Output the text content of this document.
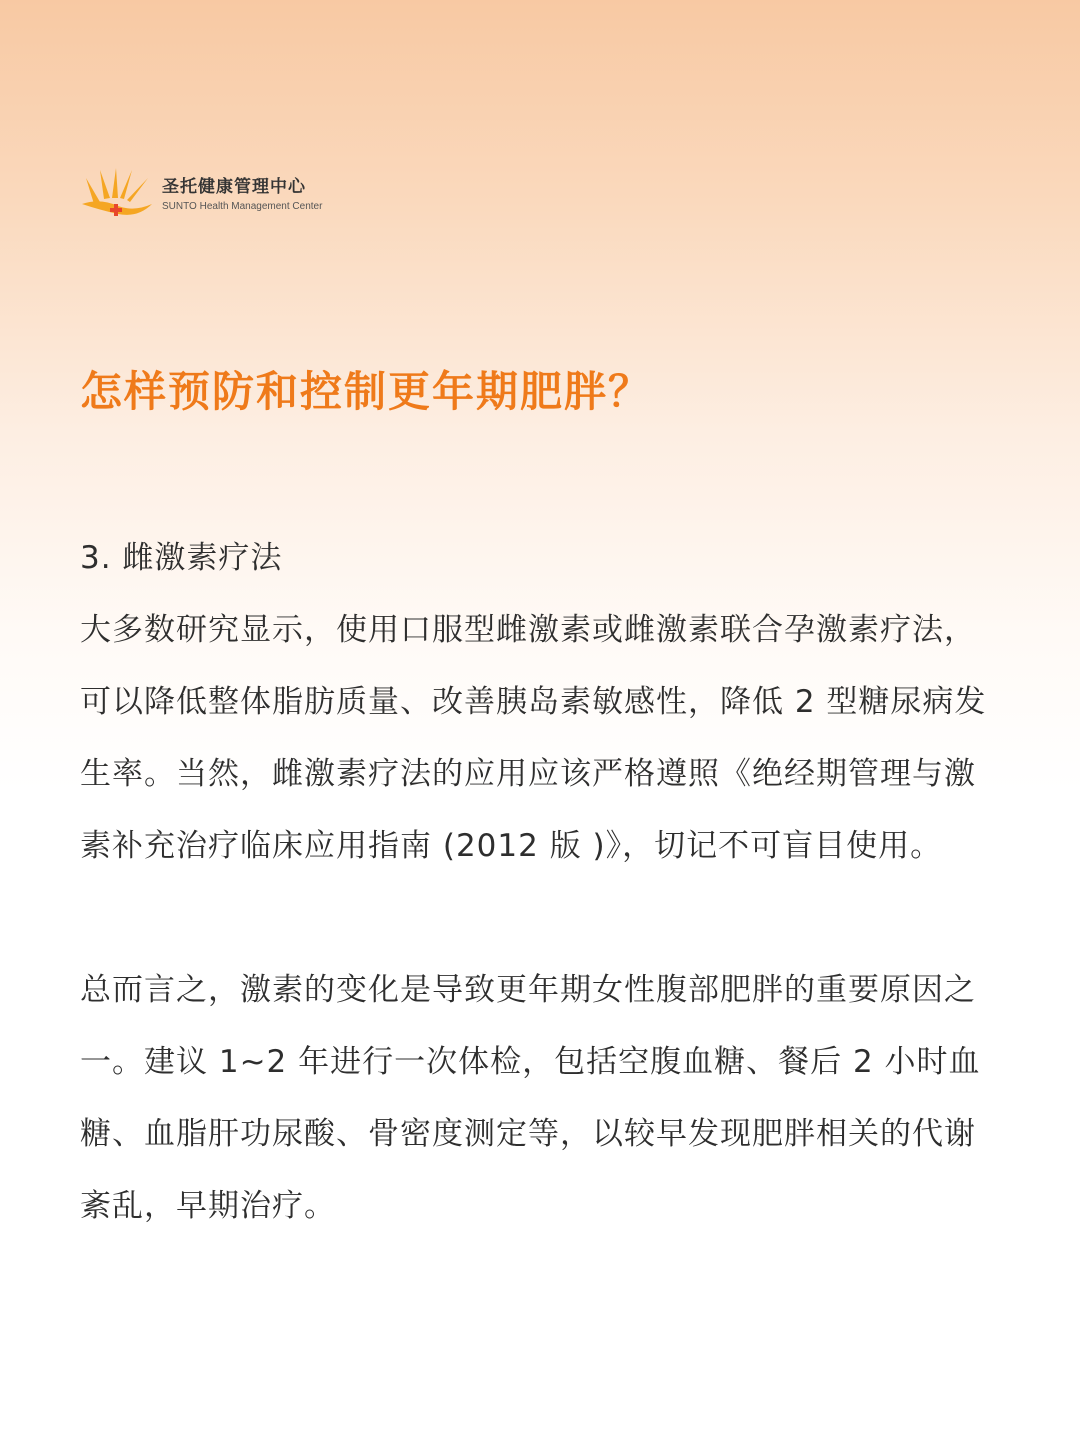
圣托健康管理中心
SUNTO Health Management Center
怎样预防和控制更年期肥胖？

3. 雌激素疗法

大多数研究显示，使用口服型雌激素或雌激素联合孕激素疗法，可以降低整体脂肪质量、改善胰岛素敏感性，降低 2 型糖尿病发生率。当然，雌激素疗法的应用应该严格遵照《绝经期管理与激素补充治疗临床应用指南 (2012 版 )》，切记不可盲目使用。

总而言之，激素的变化是导致更年期女性腹部肥胖的重要原因之一。建议 1~2 年进行一次体检，包括空腹血糖、餐后 2 小时血糖、血脂肝功尿酸、骨密度测定等，以较早发现肥胖相关的代谢紊乱，早期治疗。
